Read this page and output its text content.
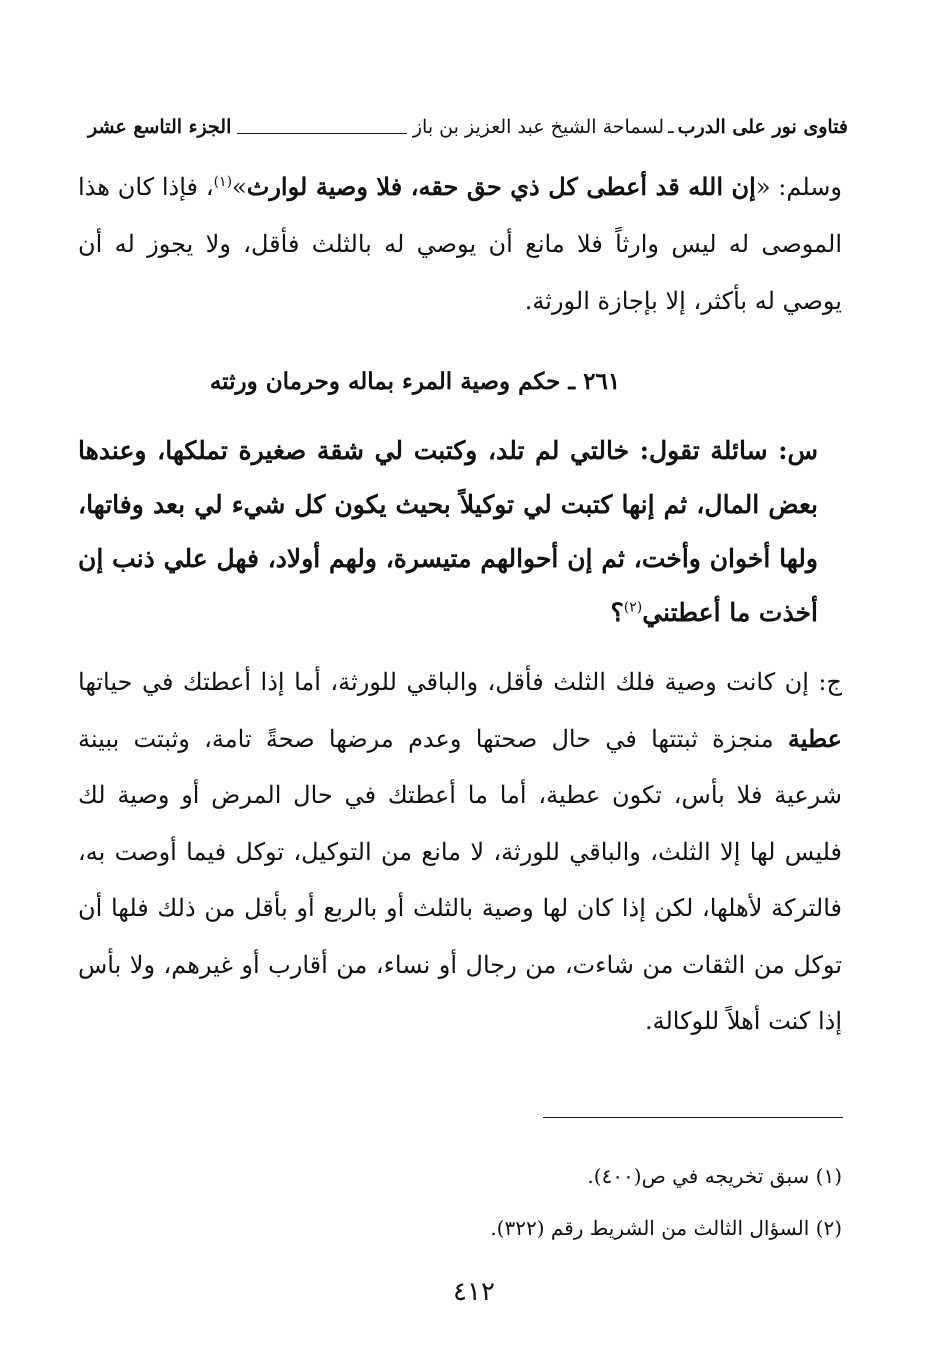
فتاوى نور على الدرب
ـ
لسماحة الشيخ عبد العزيز بن باز
الجزء التاسع عشر
وسلم: «إن الله قد أعطى كل ذي حق حقه، فلا وصية لوارث»$^{(١)}$، فإذا كان هذا الموصى له ليس وارثاً فلا مانع أن يوصي له بالثلث فأقل، ولا يجوز له أن يوصي له بأكثر، إلا بإجازة الورثة.
٢٦١ ـ حكم وصية المرء بماله وحرمان ورثته
س: سائلة تقول: خالتي لم تلد، وكتبت لي شقة صغيرة تملكها، وعندها بعض المال، ثم إنها كتبت لي توكيلاً بحيث يكون كل شيء لي بعد وفاتها، ولها أخوان وأخت، ثم إن أحوالهم متيسرة، ولهم أولاد، فهل علي ذنب إن أخذت ما أعطتني$^{(٢)}$؟
ج: إن كانت وصية فلك الثلث فأقل، والباقي للورثة، أما إذا أعطتك في حياتها عطية منجزة ثبتتها في حال صحتها وعدم مرضها صحةً تامة، وثبتت ببينة شرعية فلا بأس، تكون عطية، أما ما أعطتك في حال المرض أو وصية لك فليس لها إلا الثلث، والباقي للورثة، لا مانع من التوكيل، توكل فيما أوصت به، فالتركة لأهلها، لكن إذا كان لها وصية بالثلث أو بالربع أو بأقل من ذلك فلها أن توكل من الثقات من شاءت، من رجال أو نساء، من أقارب أو غيرهم، ولا بأس إذا كنت أهلاً للوكالة.
(١) سبق تخريجه في ص(٤٠٠).
(٢) السؤال الثالث من الشريط رقم (٣٢٢).
٤١٢
